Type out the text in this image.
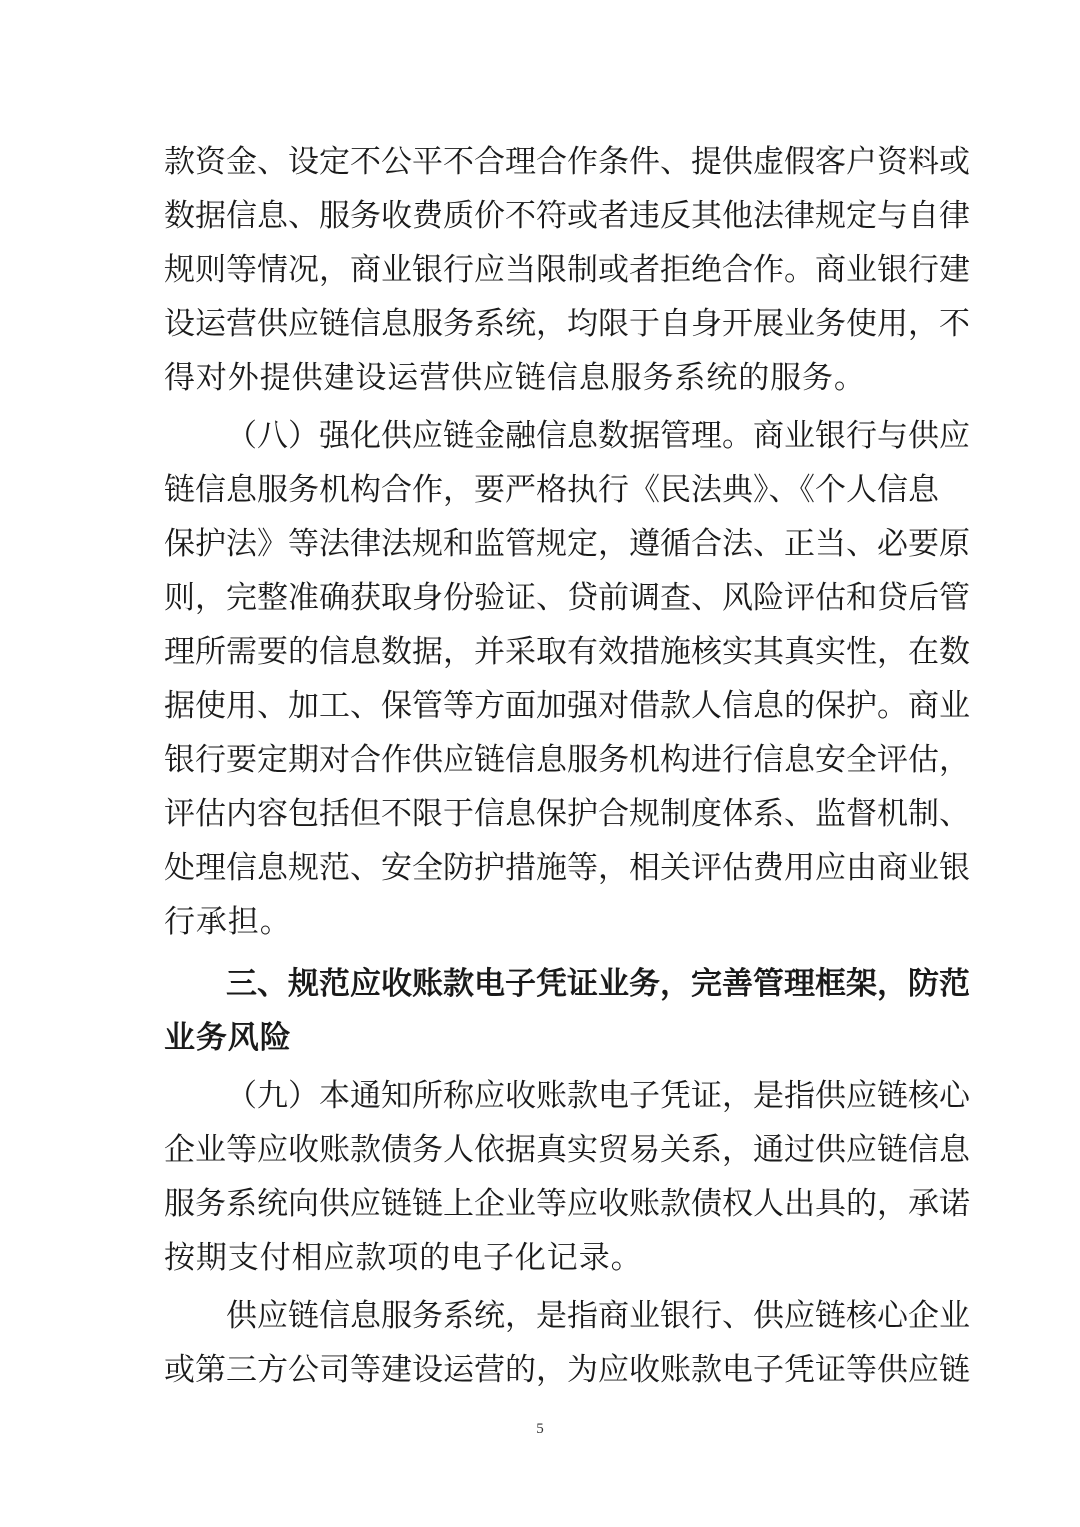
款资金、设定不公平不合理合作条件、提供虚假客户资料或
数据信息、服务收费质价不符或者违反其他法律规定与自律
规则等情况，商业银行应当限制或者拒绝合作。商业银行建
设运营供应链信息服务系统，均限于自身开展业务使用，不
得对外提供建设运营供应链信息服务系统的服务。
（八）强化供应链金融信息数据管理。商业银行与供应
链信息服务机构合作，要严格执行《民法典》、《个人信息
保护法》等法律法规和监管规定，遵循合法、正当、必要原
则，完整准确获取身份验证、贷前调查、风险评估和贷后管
理所需要的信息数据，并采取有效措施核实其真实性，在数
据使用、加工、保管等方面加强对借款人信息的保护。商业
银行要定期对合作供应链信息服务机构进行信息安全评估，
评估内容包括但不限于信息保护合规制度体系、监督机制、
处理信息规范、安全防护措施等，相关评估费用应由商业银
行承担。
三、规范应收账款电子凭证业务，完善管理框架，防范
业务风险
（九）本通知所称应收账款电子凭证，是指供应链核心
企业等应收账款债务人依据真实贸易关系，通过供应链信息
服务系统向供应链链上企业等应收账款债权人出具的，承诺
按期支付相应款项的电子化记录。
供应链信息服务系统，是指商业银行、供应链核心企业
或第三方公司等建设运营的，为应收账款电子凭证等供应链
5
